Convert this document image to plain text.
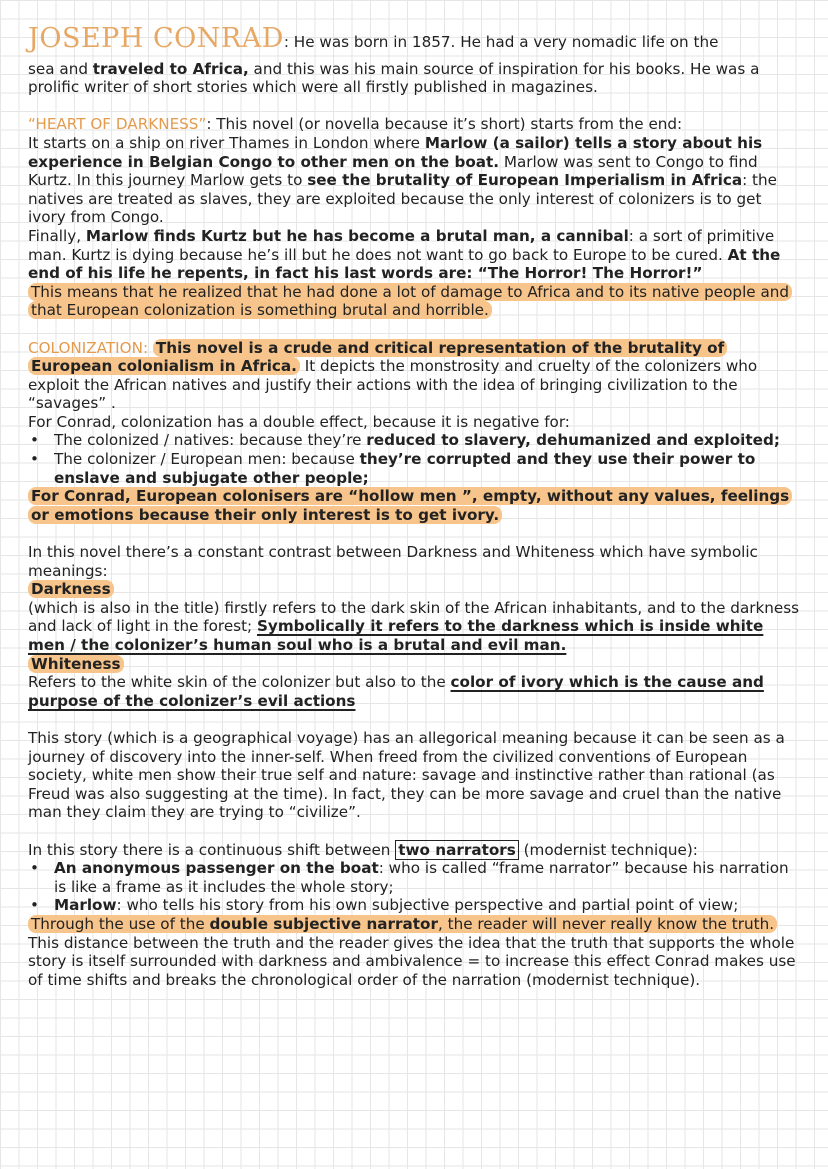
JOSEPH CONRAD: He was born in 1857. He had a very nomadic life on the

sea and traveled to Africa, and this was his main source of inspiration for his books. He was a prolific writer of short stories which were all firstly published in magazines.

“HEART OF DARKNESS”: This novel (or novella because it’s short) starts from the end:
It starts on a ship on river Thames in London where Marlow (a sailor) tells a story about his experience in Belgian Congo to other men on the boat. Marlow was sent to Congo to find Kurtz. In this journey Marlow gets to see the brutality of European Imperialism in Africa: the natives are treated as slaves, they are exploited because the only interest of colonizers is to get ivory from Congo.
Finally, Marlow finds Kurtz but he has become a brutal man, a cannibal: a sort of primitive man. Kurtz is dying because he’s ill but he does not want to go back to Europe to be cured. At the end of his life he repents, in fact his last words are: “The Horror! The Horror!”

This means that he realized that he had done a lot of damage to Africa and to its native people and that European colonization is something brutal and horrible.

COLONIZATION: This novel is a crude and critical representation of the brutality of European colonialism in Africa. It depicts the monstrosity and cruelty of the colonizers who exploit the African natives and justify their actions with the idea of bringing civilization to the “savages” .
For Conrad, colonization has a double effect, because it is negative for:

• The colonized / natives: because they’re reduced to slavery, dehumanized and exploited;

• The colonizer / European men: because they’re corrupted and they use their power to enslave and subjugate other people;

For Conrad, European colonisers are “hollow men ”, empty, without any values, feelings or emotions because their only interest is to get ivory.

In this novel there’s a constant contrast between Darkness and Whiteness which have symbolic meanings:

Darkness

(which is also in the title) firstly refers to the dark skin of the African inhabitants, and to the darkness and lack of light in the forest; Symbolically it refers to the darkness which is inside white men / the colonizer’s human soul who is a brutal and evil man.

Whiteness

Refers to the white skin of the colonizer but also to the color of ivory which is the cause and purpose of the colonizer’s evil actions

This story (which is a geographical voyage) has an allegorical meaning because it can be seen as a journey of discovery into the inner-self. When freed from the civilized conventions of European society, white men show their true self and nature: savage and instinctive rather than rational (as Freud was also suggesting at the time). In fact, they can be more savage and cruel than the native man they claim they are trying to “civilize”.

In this story there is a continuous shift between two narrators (modernist technique):

• An anonymous passenger on the boat: who is called “frame narrator” because his narration is like a frame as it includes the whole story;

• Marlow: who tells his story from his own subjective perspective and partial point of view;

Through the use of the double subjective narrator, the reader will never really know the truth.

This distance between the truth and the reader gives the idea that the truth that supports the whole story is itself surrounded with darkness and ambivalence = to increase this effect Conrad makes use of time shifts and breaks the chronological order of the narration (modernist technique).
